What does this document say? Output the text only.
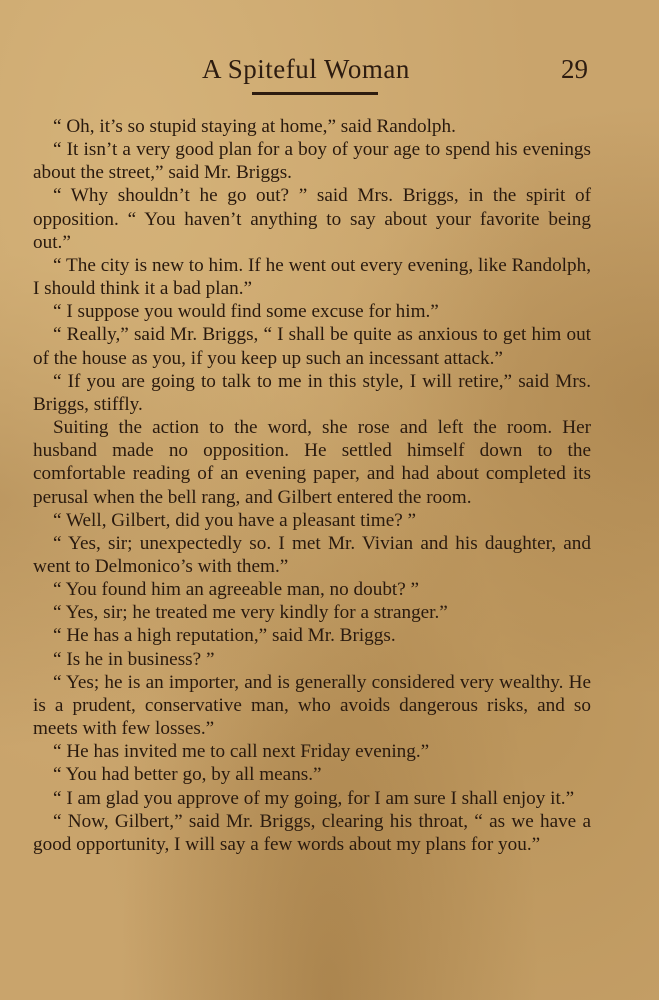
A Spiteful Woman	29

“ Oh, it’s so stupid staying at home,” said Randolph.

“ It isn’t a very good plan for a boy of your age to spend his evenings about the street,” said Mr. Briggs.

“ Why shouldn’t he go out? ” said Mrs. Briggs, in the spirit of opposition. “ You haven’t anything to say about your favorite being out.”

“ The city is new to him. If he went out every evening, like Randolph, I should think it a bad plan.”

“ I suppose you would find some excuse for him.”

“ Really,” said Mr. Briggs, “ I shall be quite as anxious to get him out of the house as you, if you keep up such an incessant attack.”

“ If you are going to talk to me in this style, I will retire,” said Mrs. Briggs, stiffly.

Suiting the action to the word, she rose and left the room. Her husband made no opposition. He settled himself down to the comfortable reading of an evening paper, and had about completed its perusal when the bell rang, and Gilbert entered the room.

“ Well, Gilbert, did you have a pleasant time? ”

“ Yes, sir; unexpectedly so. I met Mr. Vivian and his daughter, and went to Delmonico’s with them.”

“ You found him an agreeable man, no doubt? ”

“ Yes, sir; he treated me very kindly for a stranger.”

“ He has a high reputation,” said Mr. Briggs.

“ Is he in business? ”

“ Yes; he is an importer, and is generally considered very wealthy. He is a prudent, conservative man, who avoids dangerous risks, and so meets with few losses.”

“ He has invited me to call next Friday evening.”

“ You had better go, by all means.”

“ I am glad you approve of my going, for I am sure I shall enjoy it.”

“ Now, Gilbert,” said Mr. Briggs, clearing his throat, “ as we have a good opportunity, I will say a few words about my plans for you.”
